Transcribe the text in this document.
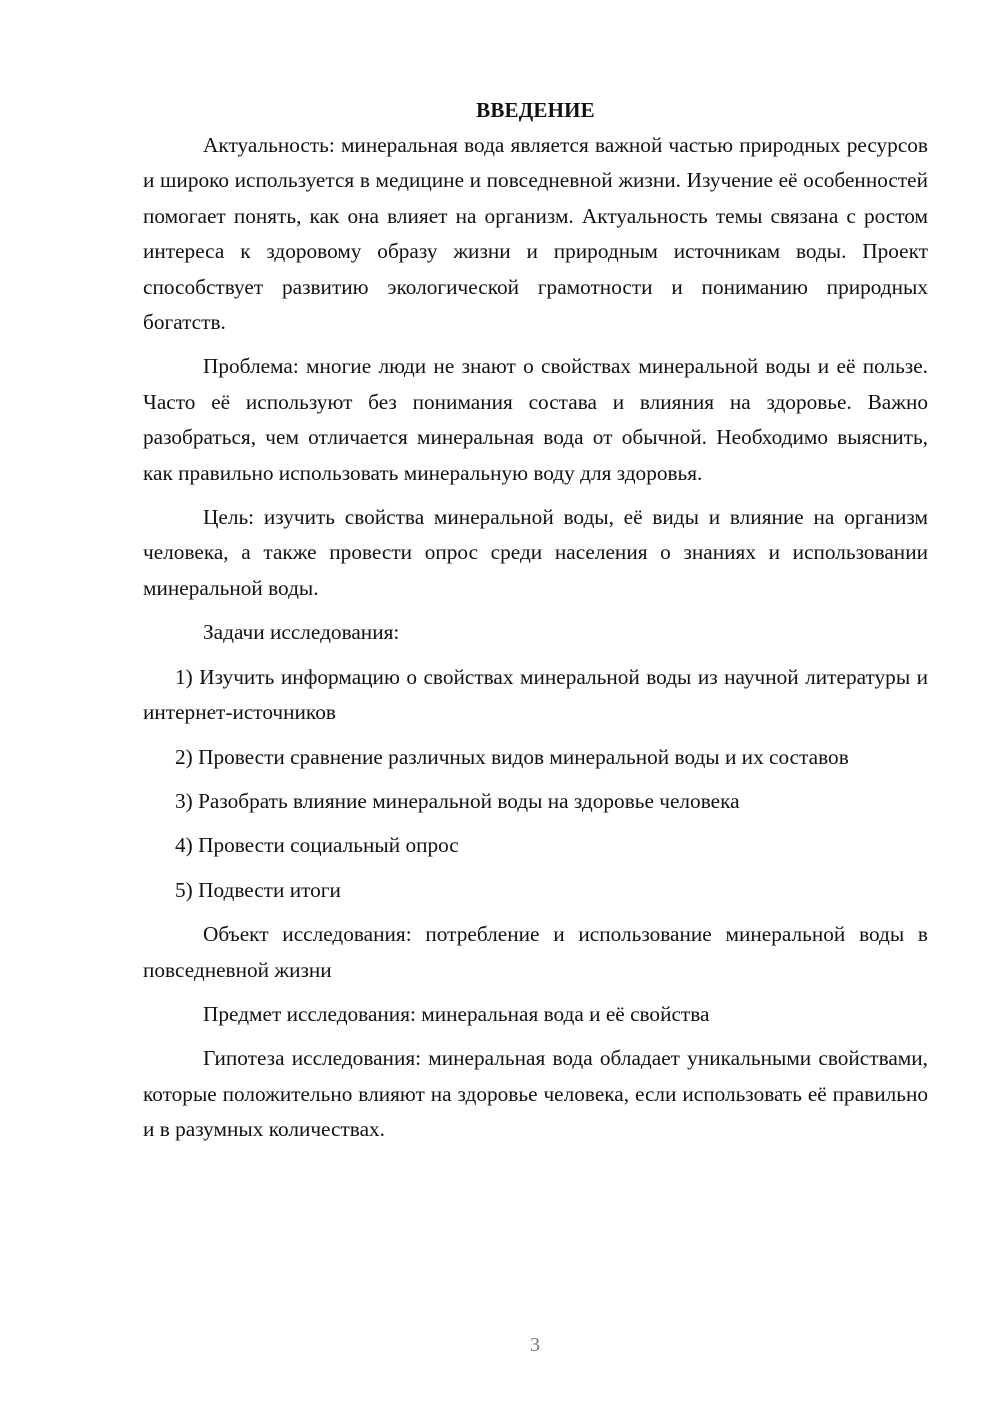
ВВЕДЕНИЕ

Актуальность: минеральная вода является важной частью природных ресурсов и широко используется в медицине и повседневной жизни. Изучение её особенностей помогает понять, как она влияет на организм. Актуальность темы связана с ростом интереса к здоровому образу жизни и природным источникам воды. Проект способствует развитию экологической грамотности и пониманию природных богатств.

Проблема: многие люди не знают о свойствах минеральной воды и её пользе. Часто её используют без понимания состава и влияния на здоровье. Важно разобраться, чем отличается минеральная вода от обычной. Необходимо выяснить, как правильно использовать минеральную воду для здоровья.

Цель: изучить свойства минеральной воды, её виды и влияние на организм человека, а также провести опрос среди населения о знаниях и использовании минеральной воды.

Задачи исследования:

1) Изучить информацию о свойствах минеральной воды из научной литературы и интернет-источников

2) Провести сравнение различных видов минеральной воды и их составов

3) Разобрать влияние минеральной воды на здоровье человека

4) Провести социальный опрос

5) Подвести итоги

Объект исследования: потребление и использование минеральной воды в повседневной жизни

Предмет исследования: минеральная вода и её свойства

Гипотеза исследования: минеральная вода обладает уникальными свойствами, которые положительно влияют на здоровье человека, если использовать её правильно и в разумных количествах.

3
